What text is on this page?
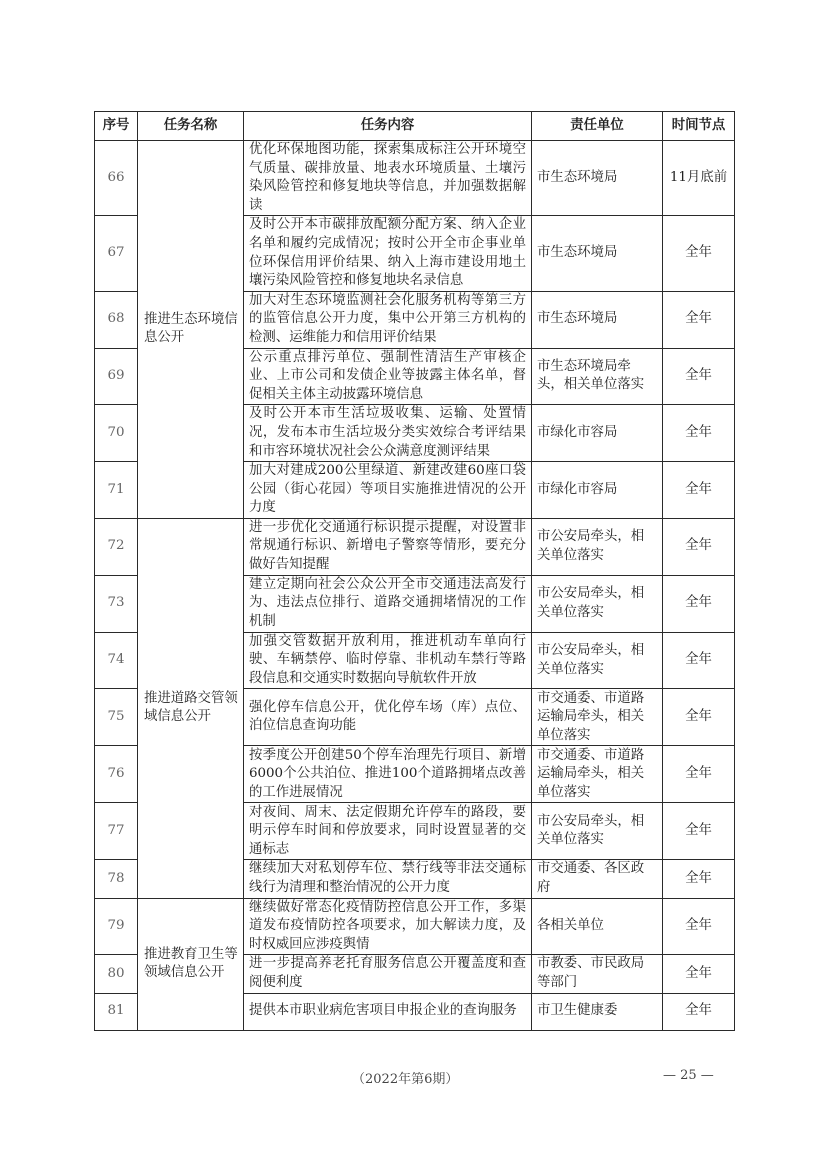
序号	任务名称	任务内容	责任单位	时间节点
66	推进生态环境信息公开	优化环保地图功能，探索集成标注公开环境空气质量、碳排放量、地表水环境质量、土壤污染风险管控和修复地块等信息，并加强数据解读	市生态环境局	11月底前
67		及时公开本市碳排放配额分配方案、纳入企业名单和履约完成情况；按时公开全市企事业单位环保信用评价结果、纳入上海市建设用地土壤污染风险管控和修复地块名录信息	市生态环境局	全年
68		加大对生态环境监测社会化服务机构等第三方的监管信息公开力度，集中公开第三方机构的检测、运维能力和信用评价结果	市生态环境局	全年
69		公示重点排污单位、强制性清洁生产审核企业、上市公司和发债企业等披露主体名单，督促相关主体主动披露环境信息	市生态环境局牵头，相关单位落实	全年
70		及时公开本市生活垃圾收集、运输、处置情况，发布本市生活垃圾分类实效综合考评结果和市容环境状况社会公众满意度测评结果	市绿化市容局	全年
71		加大对建成200公里绿道、新建改建60座口袋公园（街心花园）等项目实施推进情况的公开力度	市绿化市容局	全年
72	推进道路交管领域信息公开	进一步优化交通通行标识提示提醒，对设置非常规通行标识、新增电子警察等情形，要充分做好告知提醒	市公安局牵头，相关单位落实	全年
73		建立定期向社会公众公开全市交通违法高发行为、违法点位排行、道路交通拥堵情况的工作机制	市公安局牵头，相关单位落实	全年
74		加强交管数据开放利用，推进机动车单向行驶、车辆禁停、临时停靠、非机动车禁行等路段信息和交通实时数据向导航软件开放	市公安局牵头，相关单位落实	全年
75		强化停车信息公开，优化停车场（库）点位、泊位信息查询功能	市交通委、市道路运输局牵头，相关单位落实	全年
76		按季度公开创建50个停车治理先行项目、新增6000个公共泊位、推进100个道路拥堵点改善的工作进展情况	市交通委、市道路运输局牵头，相关单位落实	全年
77		对夜间、周末、法定假期允许停车的路段，要明示停车时间和停放要求，同时设置显著的交通标志	市公安局牵头，相关单位落实	全年
78		继续加大对私划停车位、禁行线等非法交通标线行为清理和整治情况的公开力度	市交通委、各区政府	全年
79	推进教育卫生等领域信息公开	继续做好常态化疫情防控信息公开工作，多渠道发布疫情防控各项要求，加大解读力度，及时权威回应涉疫舆情	各相关单位	全年
80		进一步提高养老托育服务信息公开覆盖度和查阅便利度	市教委、市民政局等部门	全年
81		提供本市职业病危害项目申报企业的查询服务	市卫生健康委	全年
（2022年第6期）	— 25 —
